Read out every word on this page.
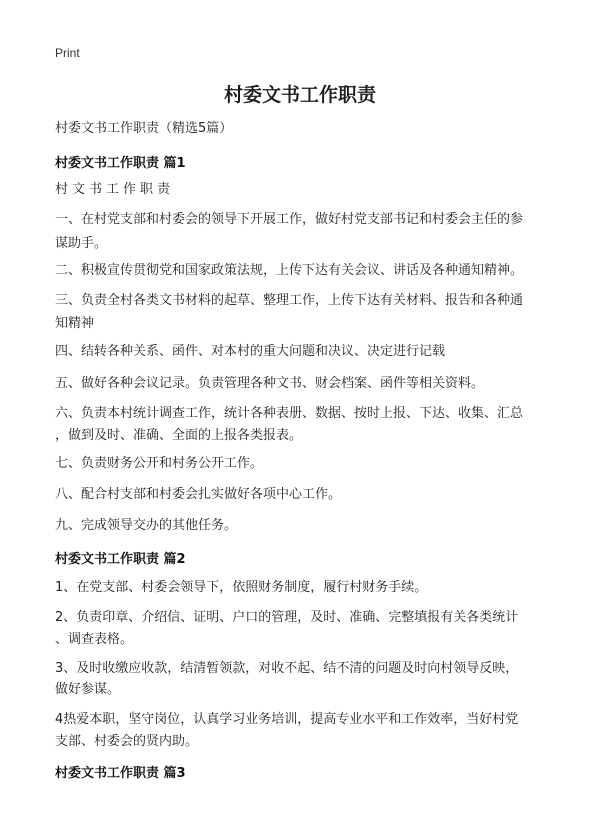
Print
村委文书工作职责
村委文书工作职责（精选5篇）
村委文书工作职责 篇1
村文书工作职责
一、在村党支部和村委会的领导下开展工作，做好村党支部书记和村委会主任的参
谋助手。
二、积极宣传贯彻党和国家政策法规，上传下达有关会议、讲话及各种通知精神。
三、负责全村各类文书材料的起草、整理工作，上传下达有关材料、报告和各种通
知精神
四、结转各种关系、函件、对本村的重大问题和决议、决定进行记载
五、做好各种会议记录。负责管理各种文书、财会档案、函件等相关资料。
六、负责本村统计调查工作，统计各种表册、数据、按时上报、下达、收集、汇总
，做到及时、准确、全面的上报各类报表。
七、负责财务公开和村务公开工作。
八、配合村支部和村委会扎实做好各项中心工作。
九、完成领导交办的其他任务。
村委文书工作职责 篇2
1、在党支部、村委会领导下，依照财务制度，履行村财务手续。
2、负责印章、介绍信、证明、户口的管理，及时、准确、完整填报有关各类统计
、调查表格。
3、及时收缴应收款，结清暂领款，对收不起、结不清的问题及时向村领导反映，
做好参谋。
4热爱本职，坚守岗位，认真学习业务培训，提高专业水平和工作效率，当好村党
支部、村委会的贤内助。
村委文书工作职责 篇3
